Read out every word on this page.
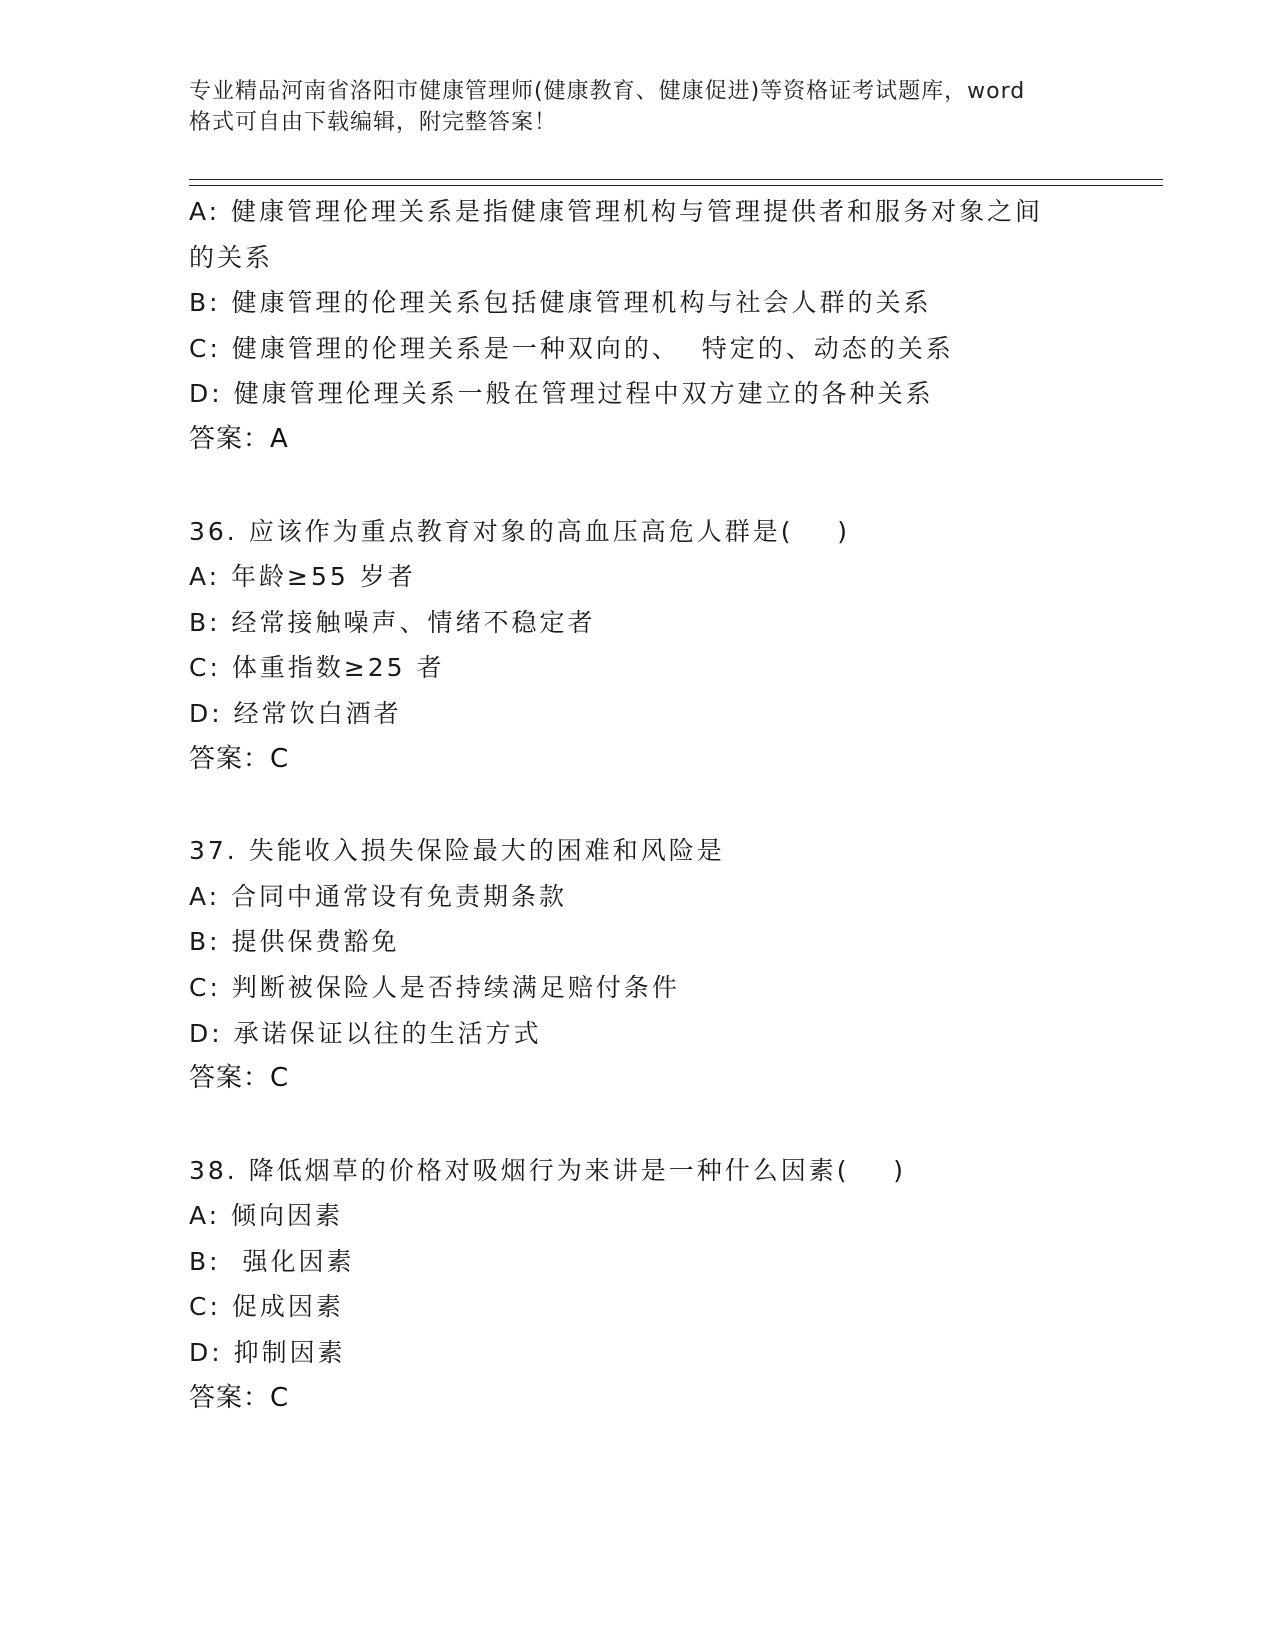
专业精品河南省洛阳市健康管理师(健康教育、健康促进)等资格证考试题库，word
格式可自由下载编辑，附完整答案！
A: 健康管理伦理关系是指健康管理机构与管理提供者和服务对象之间
的关系
B: 健康管理的伦理关系包括健康管理机构与社会人群的关系
C: 健康管理的伦理关系是一种双向的、  特定的、动态的关系
D: 健康管理伦理关系一般在管理过程中双方建立的各种关系
答案：A
36. 应该作为重点教育对象的高血压高危人群是(    )
A: 年龄≥55 岁者
B: 经常接触噪声、情绪不稳定者
C: 体重指数≥25 者
D: 经常饮白酒者
答案：C
37. 失能收入损失保险最大的困难和风险是
A: 合同中通常设有免责期条款
B: 提供保费豁免
C: 判断被保险人是否持续满足赔付条件
D: 承诺保证以往的生活方式
答案：C
38. 降低烟草的价格对吸烟行为来讲是一种什么因素(    )
A: 倾向因素
B:  强化因素
C: 促成因素
D: 抑制因素
答案：C
